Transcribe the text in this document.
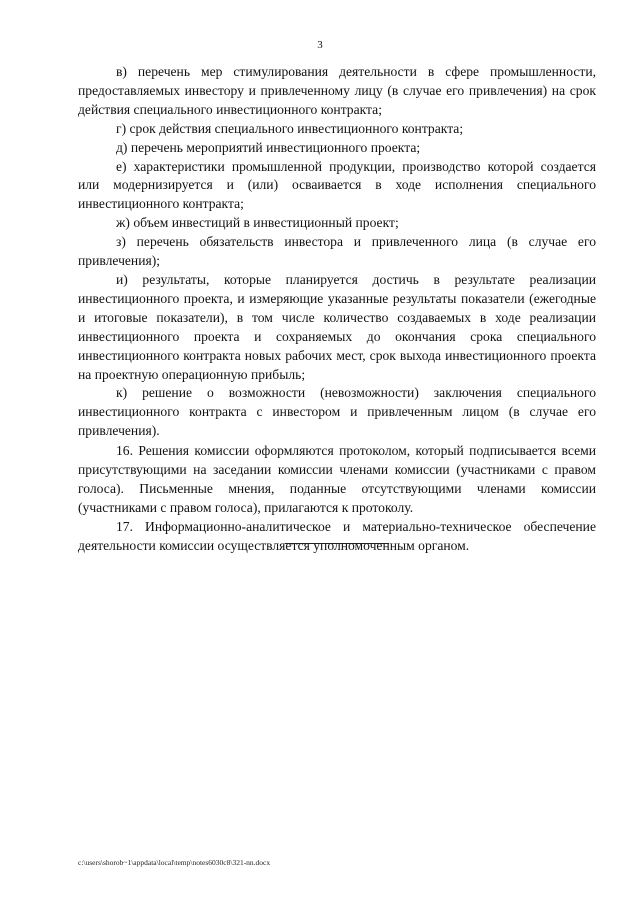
3

в) перечень мер стимулирования деятельности в сфере промышленности, предоставляемых инвестору и привлеченному лицу (в случае его привлечения) на срок действия специального инвестиционного контракта;

г) срок действия специального инвестиционного контракта;

д) перечень мероприятий инвестиционного проекта;

е) характеристики промышленной продукции, производство которой создается или модернизируется и (или) осваивается в ходе исполнения специального инвестиционного контракта;

ж) объем инвестиций в инвестиционный проект;

з) перечень обязательств инвестора и привлеченного лица (в случае его привлечения);

и) результаты, которые планируется достичь в результате реализации инвестиционного проекта, и измеряющие указанные результаты показатели (ежегодные и итоговые показатели), в том числе количество создаваемых в ходе реализации инвестиционного проекта и сохраняемых до окончания срока специального инвестиционного контракта новых рабочих мест, срок выхода инвестиционного проекта на проектную операционную прибыль;

к) решение о возможности (невозможности) заключения специального инвестиционного контракта с инвестором и привлеченным лицом (в случае его привлечения).

16. Решения комиссии оформляются протоколом, который подписывается всеми присутствующими на заседании комиссии членами комиссии (участниками с правом голоса). Письменные мнения, поданные отсутствующими членами комиссии (участниками с правом голоса), прилагаются к протоколу.

17. Информационно-аналитическое и материально-техническое обеспечение деятельности комиссии осуществляется уполномоченным органом.

c:\users\shorob~1\appdata\local\temp\notes6030c8\321-nn.docx
